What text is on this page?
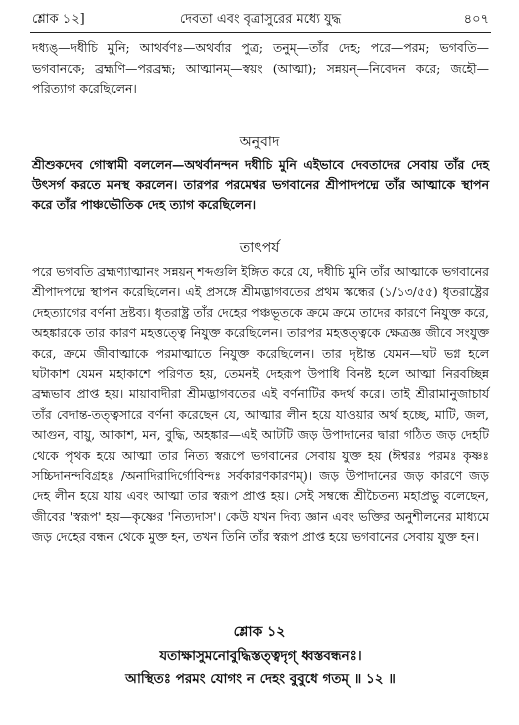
শ্লোক ১২]	দেবতা এবং বৃত্রাসুরের মধ্যে যুদ্ধ	৪০৭
দধ্যঙ্—দধীচি মুনি; আথর্বণঃ—অথর্বার পুত্র; তনুম্—তাঁর দেহ; পরে—পরম; ভগবতি—ভগবানকে; ব্রহ্মণি—পরব্রহ্ম; আত্মানম্—স্বয়ং (আত্মা); সন্নয়ন্—নিবেদন করে; জহৌ—পরিত্যাগ করেছিলেন।
অনুবাদ
শ্রীশুকদেব গোস্বামী বললেন—অথর্বানন্দন দধীচি মুনি এইভাবে দেবতাদের সেবায় তাঁর দেহ উৎসর্গ করতে মনস্থ করলেন। তারপর পরমেশ্বর ভগবানের শ্রীপাদপদ্মে তাঁর আত্মাকে স্থাপন করে তাঁর পাঞ্চভৌতিক দেহ ত্যাগ করেছিলেন।
তাৎপর্য
পরে ভগবতি ব্রহ্মণ্যাত্মানং সন্নয়ন্ শব্দগুলি ইঙ্গিত করে যে, দধীচি মুনি তাঁর আত্মাকে ভগবানের শ্রীপাদপদ্মে স্থাপন করেছিলেন। এই প্রসঙ্গে শ্রীমদ্ভাগবতের প্রথম স্কন্ধের (১/১৩/৫৫) ধৃতরাষ্ট্রের দেহত্যাগের বর্ণনা দ্রষ্টব্য। ধৃতরাষ্ট্র তাঁর দেহের পঞ্চভূতকে ক্রমে ক্রমে তাদের কারণে নিযুক্ত করে, অহঙ্কারকে তার কারণ মহত্তত্ত্বে নিযুক্ত করেছিলেন। তারপর মহত্তত্ত্বকে ক্ষেত্রজ্ঞ জীবে সংযুক্ত করে, ক্রমে জীবাত্মাকে পরমাত্মাতে নিযুক্ত করেছিলেন। তার দৃষ্টান্ত যেমন—ঘট ভগ্ন হলে ঘটাকাশ যেমন মহাকাশে পরিণত হয়, তেমনই দেহরূপ উপাধি বিনষ্ট হলে আত্মা নিরবচ্ছিন্ন ব্রহ্মভাব প্রাপ্ত হয়। মায়াবাদীরা শ্রীমদ্ভাগবতের এই বর্ণনাটির কদর্থ করে। তাই শ্রীরামানুজাচার্য তাঁর বেদান্ত-তত্ত্বসারে বর্ণনা করেছেন যে, আত্মার লীন হয়ে যাওয়ার অর্থ হচ্ছে, মাটি, জল, আগুন, বায়ু, আকাশ, মন, বুদ্ধি, অহঙ্কার—এই আটটি জড় উপাদানের দ্বারা গঠিত জড় দেহটি থেকে পৃথক হয়ে আত্মা তার নিত্য স্বরূপে ভগবানের সেবায় যুক্ত হয় (ঈশ্বরঃ পরমঃ কৃষ্ণঃ সচ্চিদানন্দবিগ্রহঃ /অনাদিরাদির্গোবিন্দঃ সর্বকারণকারণম্)। জড় উপাদানের জড় কারণে জড় দেহ লীন হয়ে যায় এবং আত্মা তার স্বরূপ প্রাপ্ত হয়। সেই সম্বন্ধে শ্রীচৈতন্য মহাপ্রভু বলেছেন, জীবের 'স্বরূপ' হয়—কৃষ্ণের 'নিত্যদাস'। কেউ যখন দিব্য জ্ঞান এবং ভক্তির অনুশীলনের মাধ্যমে জড় দেহের বন্ধন থেকে মুক্ত হন, তখন তিনি তাঁর স্বরূপ প্রাপ্ত হয়ে ভগবানের সেবায় যুক্ত হন।
শ্লোক ১২
যতাক্ষাসুমনোবুদ্ধিস্তত্ত্বদৃগ্ ধ্বস্তবন্ধনঃ।
আস্থিতঃ পরমং যোগং ন দেহং বুবুধে গতম্ ॥ ১২ ॥
